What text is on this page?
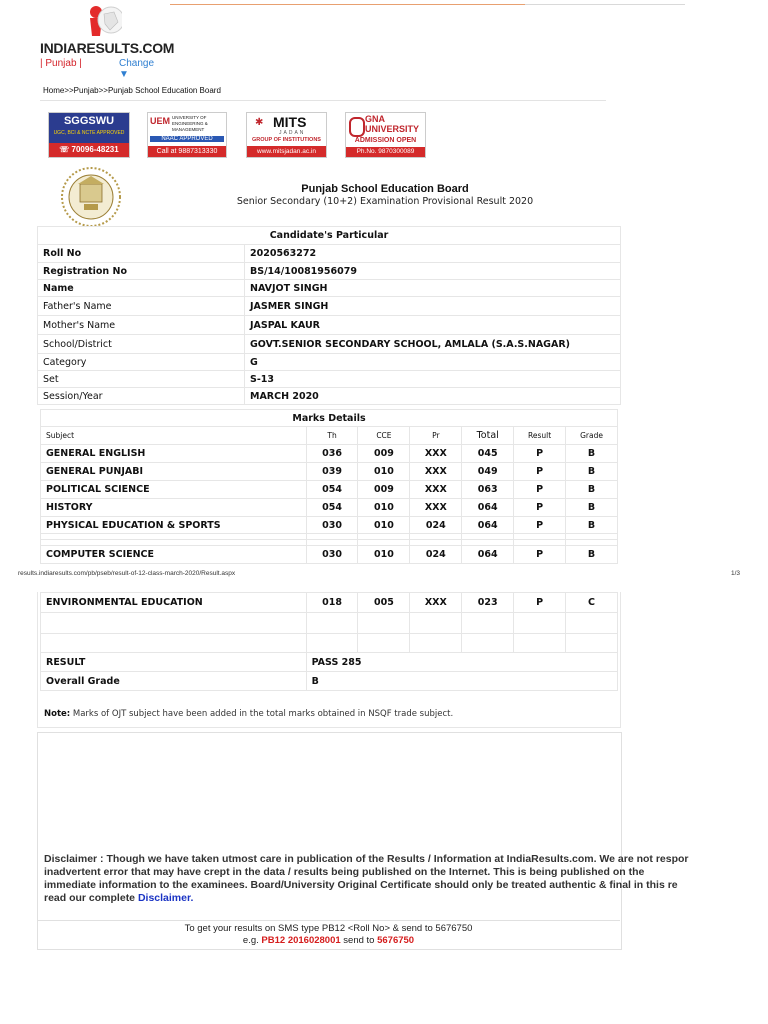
INDIARESULTS.COM
| Punjab |	Change ▼
Home>>Punjab>>Punjab School Education Board
SGGSWU
UGC, BCI & NCTE APPROVED
☏ 70096-48231
UEM UNIVERSITY OF ENGINEERING & MANAGEMENT
NAAC APPROVED
Call at 9887313330
✱ MITS
JADAN
GROUP OF INSTITUTIONS
www.mitsjadan.ac.in
GNA
UNIVERSITY
ADMISSION OPEN
Ph.No. 9870300089
Punjab School Education Board
Senior Secondary (10+2) Examination Provisional Result 2020
Candidate's Particular	
Roll No	2020563272
Registration No	BS/14/10081956079
Name	NAVJOT SINGH
Father's Name	JASMER SINGH
Mother's Name	JASPAL KAUR
School/District	GOVT.SENIOR SECONDARY SCHOOL, AMLALA (S.A.S.NAGAR)
Category	G
Set	S-13
Session/Year	MARCH 2020
Marks Details						
Subject	Th	CCE	Pr	Total	Result	Grade
GENERAL ENGLISH	036	009	XXX	045	P	B
GENERAL PUNJABI	039	010	XXX	049	P	B
POLITICAL SCIENCE	054	009	XXX	063	P	B
HISTORY	054	010	XXX	064	P	B
PHYSICAL EDUCATION & SPORTS	030	010	024	064	P	B

COMPUTER SCIENCE	030	010	024	064	P	B
results.indiaresults.com/pb/pseb/result-of-12-class-march-2020/Result.aspx	1/3
ENVIRONMENTAL EDUCATION	018	005	XXX	023	P	C

RESULT	PASS 285					
Overall Grade	B					
Note: Marks of OJT subject have been added in the total marks obtained in NSQF trade subject.
Disclaimer : Though we have taken utmost care in publication of the Results / Information at IndiaResults.com. We are not respor
inadvertent error that may have crept in the data / results being published on the Internet. This is being published on the
immediate information to the examinees. Board/University Original Certificate should only be treated authentic & final in this re
read our complete Disclaimer.
To get your results on SMS type PB12 <Roll No> & send to 5676750
e.g. PB12 2016028001 send to 5676750
